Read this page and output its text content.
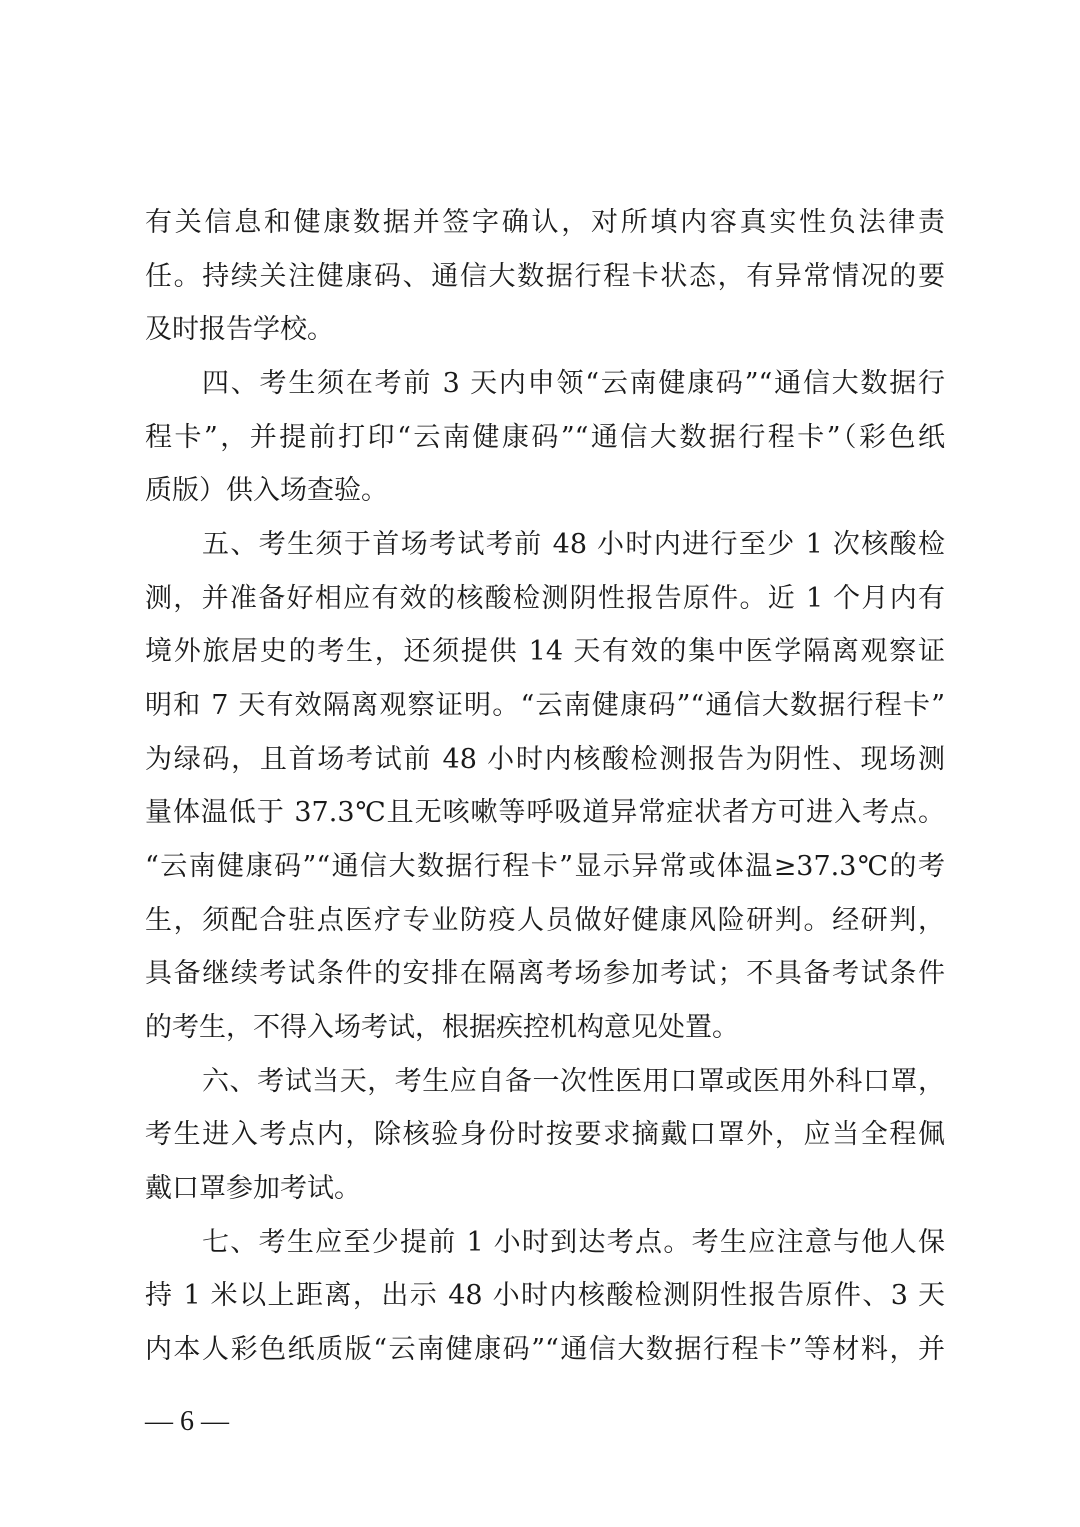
有关信息和健康数据并签字确认，对所填内容真实性负法律责
任。持续关注健康码、通信大数据行程卡状态，有异常情况的要
及时报告学校。
四、考生须在考前 3 天内申领“云南健康码”“通信大数据行
程卡”，并提前打印“云南健康码”“通信大数据行程卡”（彩色纸
质版）供入场查验。
五、考生须于首场考试考前 48 小时内进行至少 1 次核酸检
测，并准备好相应有效的核酸检测阴性报告原件。近 1 个月内有
境外旅居史的考生，还须提供 14 天有效的集中医学隔离观察证
明和 7 天有效隔离观察证明。“云南健康码”“通信大数据行程卡”
为绿码，且首场考试前 48 小时内核酸检测报告为阴性、现场测
量体温低于 37.3℃且无咳嗽等呼吸道异常症状者方可进入考点。
“云南健康码”“通信大数据行程卡”显示异常或体温≥37.3℃的考
生，须配合驻点医疗专业防疫人员做好健康风险研判。经研判，
具备继续考试条件的安排在隔离考场参加考试；不具备考试条件
的考生，不得入场考试，根据疾控机构意见处置。
六、考试当天，考生应自备一次性医用口罩或医用外科口罩，
考生进入考点内，除核验身份时按要求摘戴口罩外，应当全程佩
戴口罩参加考试。
七、考生应至少提前 1 小时到达考点。考生应注意与他人保
持 1 米以上距离，出示 48 小时内核酸检测阴性报告原件、3 天
内本人彩色纸质版“云南健康码”“通信大数据行程卡”等材料，并
— 6 —
